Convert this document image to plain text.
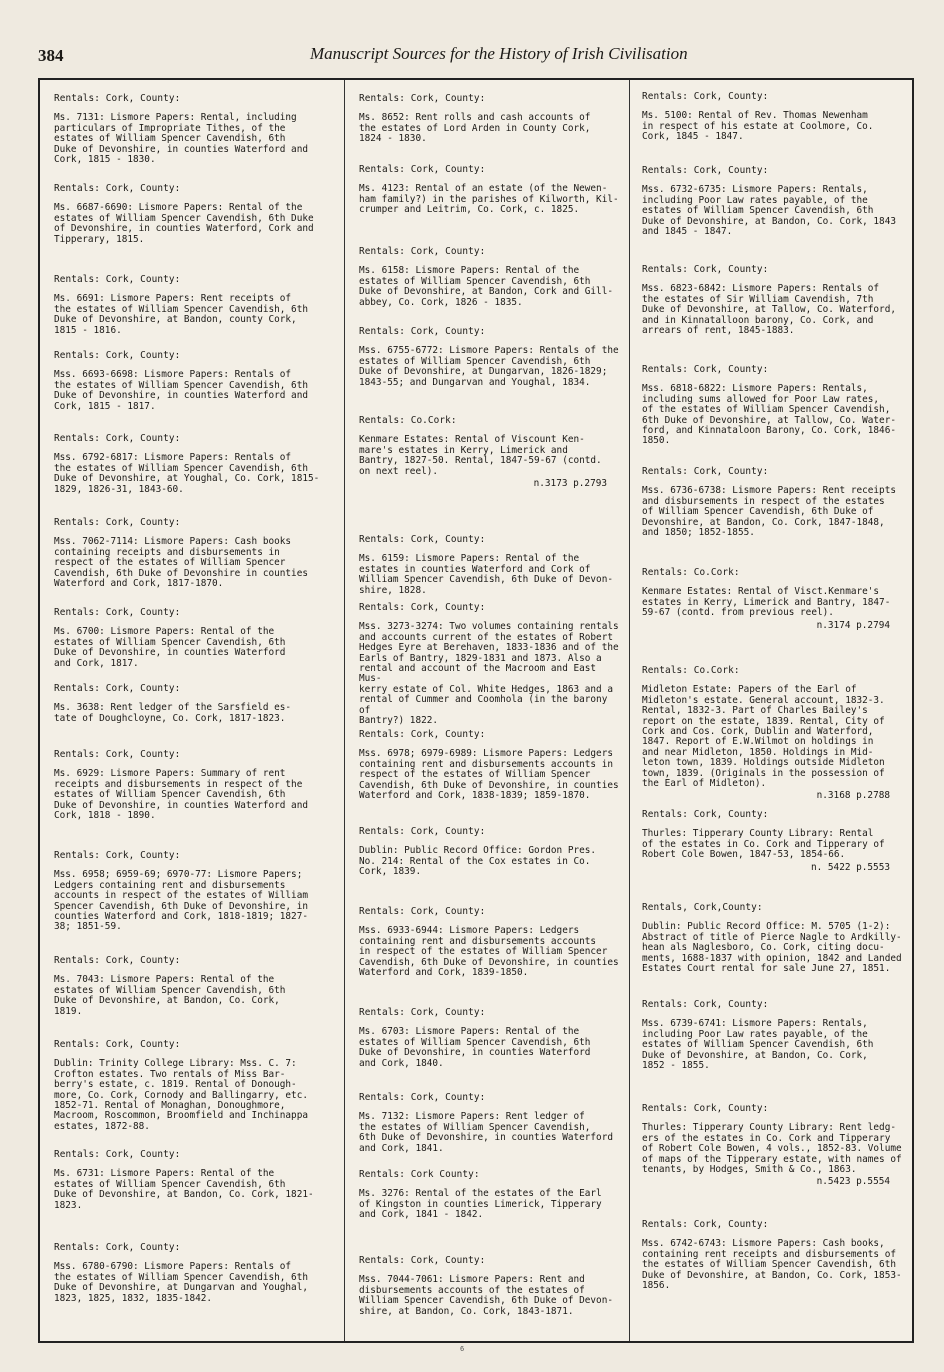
384	Manuscript Sources for the History of Irish Civilisation
Rentals: Cork, County:
Ms. 7131: Lismore Papers: Rental, including
particulars of Impropriate Tithes, of the
estates of William Spencer Cavendish, 6th
Duke of Devonshire, in counties Waterford and
Cork, 1815 - 1830.
Rentals: Cork, County:
Ms. 6687-6690: Lismore Papers: Rental of the
estates of William Spencer Cavendish, 6th Duke
of Devonshire, in counties Waterford, Cork and
Tipperary, 1815.
Rentals: Cork, County:
Ms. 6691: Lismore Papers: Rent receipts of
the estates of William Spencer Cavendish, 6th
Duke of Devonshire, at Bandon, county Cork,
1815 - 1816.
Rentals: Cork, County:
Mss. 6693-6698: Lismore Papers: Rentals of
the estates of William Spencer Cavendish, 6th
Duke of Devonshire, in counties Waterford and
Cork, 1815 - 1817.
Rentals: Cork, County:
Mss. 6792-6817: Lismore Papers: Rentals of
the estates of William Spencer Cavendish, 6th
Duke of Devonshire, at Youghal, Co. Cork, 1815-
1829, 1826-31, 1843-60.
Rentals: Cork, County:
Mss. 7062-7114: Lismore Papers: Cash books
containing receipts and disbursements in
respect of the estates of William Spencer
Cavendish, 6th Duke of Devonshire in counties
Waterford and Cork, 1817-1870.
Rentals: Cork, County:
Ms. 6700: Lismore Papers: Rental of the
estates of William Spencer Cavendish, 6th
Duke of Devonshire, in counties Waterford
and Cork, 1817.
Rentals: Cork, County:
Ms. 3638: Rent ledger of the Sarsfield es-
tate of Doughcloyne, Co. Cork, 1817-1823.
Rentals: Cork, County:
Ms. 6929: Lismore Papers: Summary of rent
receipts and disbursements in respect of the
estates of William Spencer Cavendish, 6th
Duke of Devonshire, in counties Waterford and
Cork, 1818 - 1890.
Rentals: Cork, County:
Mss. 6958; 6959-69; 6970-77: Lismore Papers;
Ledgers containing rent and disbursements
accounts in respect of the estates of William
Spencer Cavendish, 6th Duke of Devonshire, in
counties Waterford and Cork, 1818-1819; 1827-
38; 1851-59.
Rentals: Cork, County:
Ms. 7043: Lismore Papers: Rental of the
estates of William Spencer Cavendish, 6th
Duke of Devonshire, at Bandon, Co. Cork,
1819.
Rentals: Cork, County:
Dublin: Trinity College Library: Mss. C. 7:
Crofton estates. Two rentals of Miss Bar-
berry's estate, c. 1819. Rental of Donough-
more, Co. Cork, Cornody and Ballingarry, etc.
1852-71. Rental of Monaghan, Donoughmore,
Macroom, Roscommon, Broomfield and Inchinappa
estates, 1872-88.
Rentals: Cork, County:
Ms. 6731: Lismore Papers: Rental of the
estates of William Spencer Cavendish, 6th
Duke of Devonshire, at Bandon, Co. Cork, 1821-
1823.
Rentals: Cork, County:
Mss. 6780-6790: Lismore Papers: Rentals of
the estates of William Spencer Cavendish, 6th
Duke of Devonshire, at Dungarvan and Youghal,
1823, 1825, 1832, 1835-1842.
Rentals: Cork, County:
Ms. 8652: Rent rolls and cash accounts of
the estates of Lord Arden in County Cork,
1824 - 1830.
Rentals: Cork, County:
Ms. 4123: Rental of an estate (of the Newen-
ham family?) in the parishes of Kilworth, Kil-
crumper and Leitrim, Co. Cork, c. 1825.
Rentals: Cork, County:
Ms. 6158: Lismore Papers: Rental of the
estates of William Spencer Cavendish, 6th
Duke of Devonshire, at Bandon, Cork and Gill-
abbey, Co. Cork, 1826 - 1835.
Rentals: Cork, County:
Mss. 6755-6772: Lismore Papers: Rentals of the
estates of William Spencer Cavendish, 6th
Duke of Devonshire, at Dungarvan, 1826-1829;
1843-55; and Dungarvan and Youghal, 1834.
Rentals: Co.Cork:
Kenmare Estates: Rental of Viscount Ken-
mare's estates in Kerry, Limerick and
Bantry, 1827-50. Rental, 1847-59-67 (contd.
on next reel).
n.3173 p.2793
Rentals: Cork, County:
Ms. 6159: Lismore Papers: Rental of the
estates in counties Waterford and Cork of
William Spencer Cavendish, 6th Duke of Devon-
shire, 1828.
Rentals: Cork, County:
Mss. 3273-3274: Two volumes containing rentals
and accounts current of the estates of Robert
Hedges Eyre at Berehaven, 1833-1836 and of the
Earls of Bantry, 1829-1831 and 1873. Also a
rental and account of the Macroom and East Mus-
kerry estate of Col. White Hedges, 1863 and a
rental of Cummer and Coomhola (in the barony of
Bantry?) 1822.
Rentals: Cork, County:
Mss. 6978; 6979-6989: Lismore Papers: Ledgers
containing rent and disbursements accounts in
respect of the estates of William Spencer
Cavendish, 6th Duke of Devonshire, in counties
Waterford and Cork, 1838-1839; 1859-1870.
Rentals: Cork, County:
Dublin: Public Record Office: Gordon Pres.
No. 214: Rental of the Cox estates in Co.
Cork, 1839.
Rentals: Cork, County:
Mss. 6933-6944: Lismore Papers: Ledgers
containing rent and disbursements accounts
in respect of the estates of William Spencer
Cavendish, 6th Duke of Devonshire, in counties
Waterford and Cork, 1839-1850.
Rentals: Cork, County:
Ms. 6703: Lismore Papers: Rental of the
estates of William Spencer Cavendish, 6th
Duke of Devonshire, in counties Waterford
and Cork, 1840.
Rentals: Cork, County:
Ms. 7132: Lismore Papers: Rent ledger of
the estates of William Spencer Cavendish,
6th Duke of Devonshire, in counties Waterford
and Cork, 1841.
Rentals: Cork County:
Ms. 3276: Rental of the estates of the Earl
of Kingston in counties Limerick, Tipperary
and Cork, 1841 - 1842.
Rentals: Cork, County:
Mss. 7044-7061: Lismore Papers: Rent and
disbursements accounts of the estates of
William Spencer Cavendish, 6th Duke of Devon-
shire, at Bandon, Co. Cork, 1843-1871.
Rentals: Cork, County:
Ms. 5100: Rental of Rev. Thomas Newenham
in respect of his estate at Coolmore, Co.
Cork, 1845 - 1847.
Rentals: Cork, County:
Mss. 6732-6735: Lismore Papers: Rentals,
including Poor Law rates payable, of the
estates of William Spencer Cavendish, 6th
Duke of Devonshire, at Bandon, Co. Cork, 1843
and 1845 - 1847.
Rentals: Cork, County:
Mss. 6823-6842: Lismore Papers: Rentals of
the estates of Sir William Cavendish, 7th
Duke of Devonshire, at Tallow, Co. Waterford,
and in Kinnatalloon barony, Co. Cork, and
arrears of rent, 1845-1883.
Rentals: Cork, County:
Mss. 6818-6822: Lismore Papers: Rentals,
including sums allowed for Poor Law rates,
of the estates of William Spencer Cavendish,
6th Duke of Devonshire, at Tallow, Co. Water-
ford, and Kinnataloon Barony, Co. Cork, 1846-
1850.
Rentals: Cork, County:
Mss. 6736-6738: Lismore Papers: Rent receipts
and disbursements in respect of the estates
of William Spencer Cavendish, 6th Duke of
Devonshire, at Bandon, Co. Cork, 1847-1848,
and 1850; 1852-1855.
Rentals: Co.Cork:
Kenmare Estates: Rental of Visct.Kenmare's
estates in Kerry, Limerick and Bantry, 1847-
59-67 (contd. from previous reel).
n.3174 p.2794
Rentals: Co.Cork:
Midleton Estate: Papers of the Earl of
Midleton's estate. General account, 1832-3.
Rental, 1832-3. Part of Charles Bailey's
report on the estate, 1839. Rental, City of
Cork and Cos. Cork, Dublin and Waterford,
1847. Report of E.W.Wilmot on holdings in
and near Midleton, 1850. Holdings in Mid-
leton town, 1839. Holdings outside Midleton
town, 1839. (Originals in the possession of
the Earl of Midleton).
n.3168 p.2788
Rentals: Cork, County:
Thurles: Tipperary County Library: Rental
of the estates in Co. Cork and Tipperary of
Robert Cole Bowen, 1847-53, 1854-66.
n. 5422 p.5553
Rentals, Cork,County:
Dublin: Public Record Office: M. 5705 (1-2):
Abstract of title of Pierce Nagle to Ardkilly-
hean als Naglesboro, Co. Cork, citing docu-
ments, 1688-1837 with opinion, 1842 and Landed
Estates Court rental for sale June 27, 1851.
Rentals: Cork, County:
Mss. 6739-6741: Lismore Papers: Rentals,
including Poor Law rates payable, of the
estates of William Spencer Cavendish, 6th
Duke of Devonshire, at Bandon, Co. Cork,
1852 - 1855.
Rentals: Cork, County:
Thurles: Tipperary County Library: Rent ledg-
ers of the estates in Co. Cork and Tipperary
of Robert Cole Bowen, 4 vols., 1852-83. Volume
of maps of the Tipperary estate, with names of
tenants, by Hodges, Smith & Co., 1863.
n.5423 p.5554
Rentals: Cork, County:
Mss. 6742-6743: Lismore Papers: Cash books,
containing rent receipts and disbursements of
the estates of William Spencer Cavendish, 6th
Duke of Devonshire, at Bandon, Co. Cork, 1853-
1856.
6
